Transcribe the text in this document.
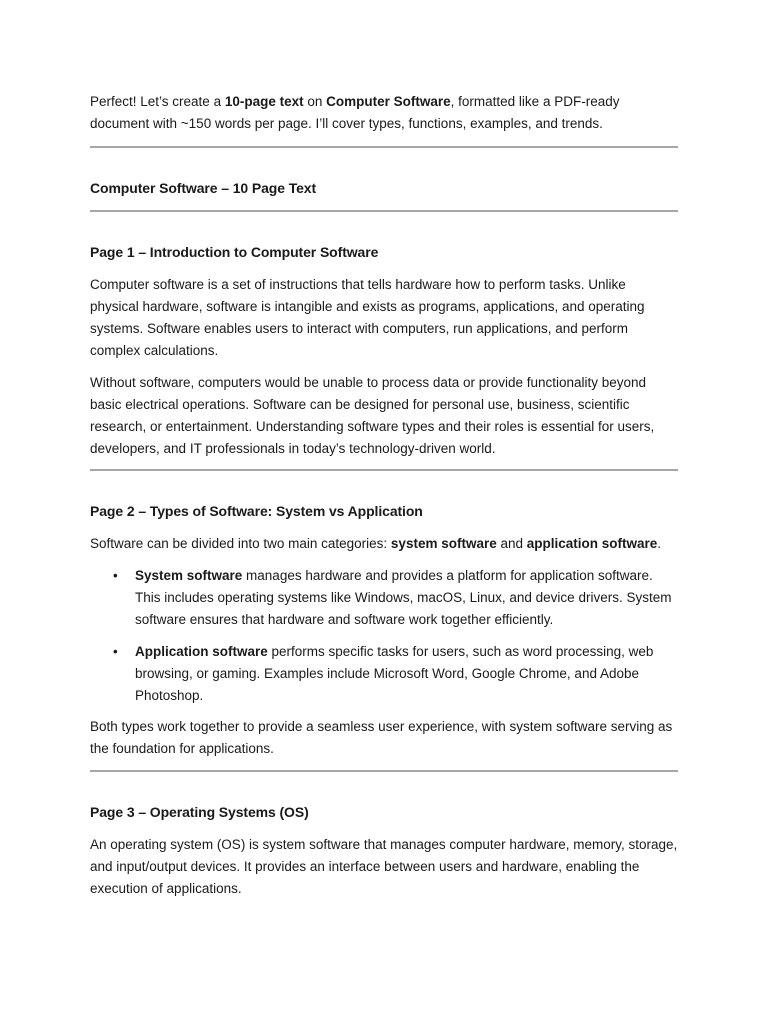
Perfect! Let’s create a 10-page text on Computer Software, formatted like a PDF-ready document with ~150 words per page. I’ll cover types, functions, examples, and trends.

Computer Software – 10 Page Text
Page 1 – Introduction to Computer Software

Computer software is a set of instructions that tells hardware how to perform tasks. Unlike physical hardware, software is intangible and exists as programs, applications, and operating systems. Software enables users to interact with computers, run applications, and perform complex calculations.

Without software, computers would be unable to process data or provide functionality beyond basic electrical operations. Software can be designed for personal use, business, scientific research, or entertainment. Understanding software types and their roles is essential for users, developers, and IT professionals in today’s technology-driven world.

Page 2 – Types of Software: System vs Application

Software can be divided into two main categories: system software and application software.

• System software manages hardware and provides a platform for application software. This includes operating systems like Windows, macOS, Linux, and device drivers. System software ensures that hardware and software work together efficiently.
• Application software performs specific tasks for users, such as word processing, web browsing, or gaming. Examples include Microsoft Word, Google Chrome, and Adobe Photoshop.

Both types work together to provide a seamless user experience, with system software serving as the foundation for applications.

Page 3 – Operating Systems (OS)

An operating system (OS) is system software that manages computer hardware, memory, storage, and input/output devices. It provides an interface between users and hardware, enabling the execution of applications.
